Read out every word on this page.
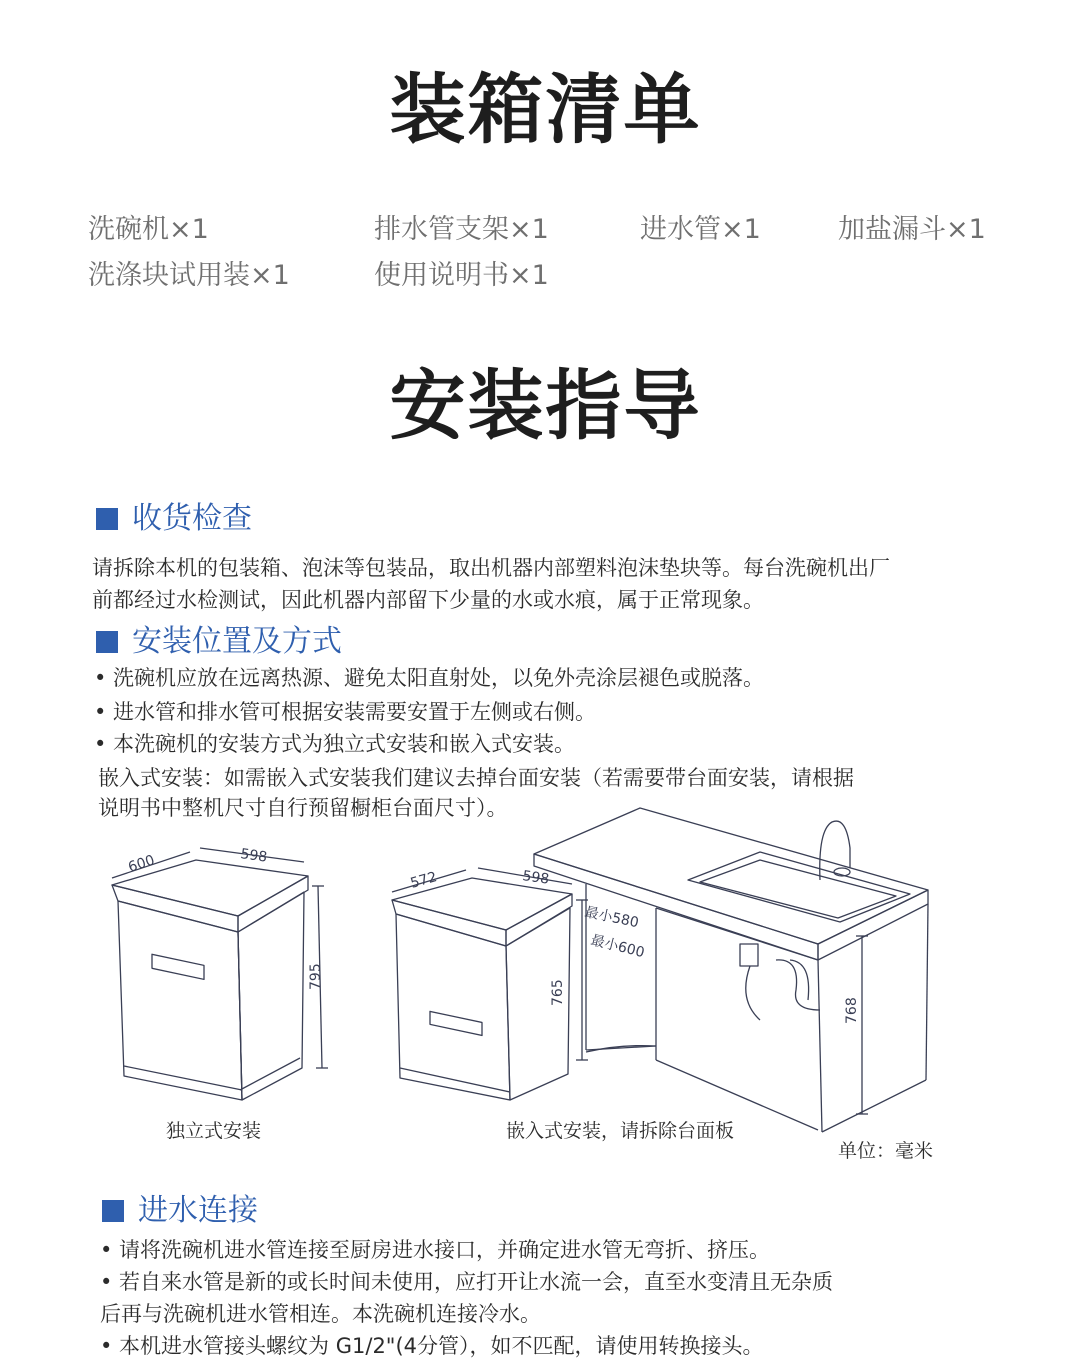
装箱清单
洗碗机×1	排水管支架×1	进水管×1	加盐漏斗×1
洗涤块试用装×1	使用说明书×1
安装指导
收货检查
请拆除本机的包装箱、泡沫等包装品，取出机器内部塑料泡沫垫块等。每台洗碗机出厂
前都经过水检测试，因此机器内部留下少量的水或水痕，属于正常现象。
安装位置及方式
• 洗碗机应放在远离热源、避免太阳直射处，以免外壳涂层褪色或脱落。
• 进水管和排水管可根据安装需要安置于左侧或右侧。
• 本洗碗机的安装方式为独立式安装和嵌入式安装。
嵌入式安装：如需嵌入式安装我们建议去掉台面安装（若需要带台面安装，请根据
说明书中整机尺寸自行预留橱柜台面尺寸）。
600	598
795
572	598
765
最小580
最小600
768
独立式安装	嵌入式安装，请拆除台面板
单位：毫米
进水连接
• 请将洗碗机进水管连接至厨房进水接口，并确定进水管无弯折、挤压。
• 若自来水管是新的或长时间未使用，应打开让水流一会，直至水变清且无杂质
后再与洗碗机进水管相连。本洗碗机连接冷水。
• 本机进水管接头螺纹为 G1/2"(4分管），如不匹配，请使用转换接头。
